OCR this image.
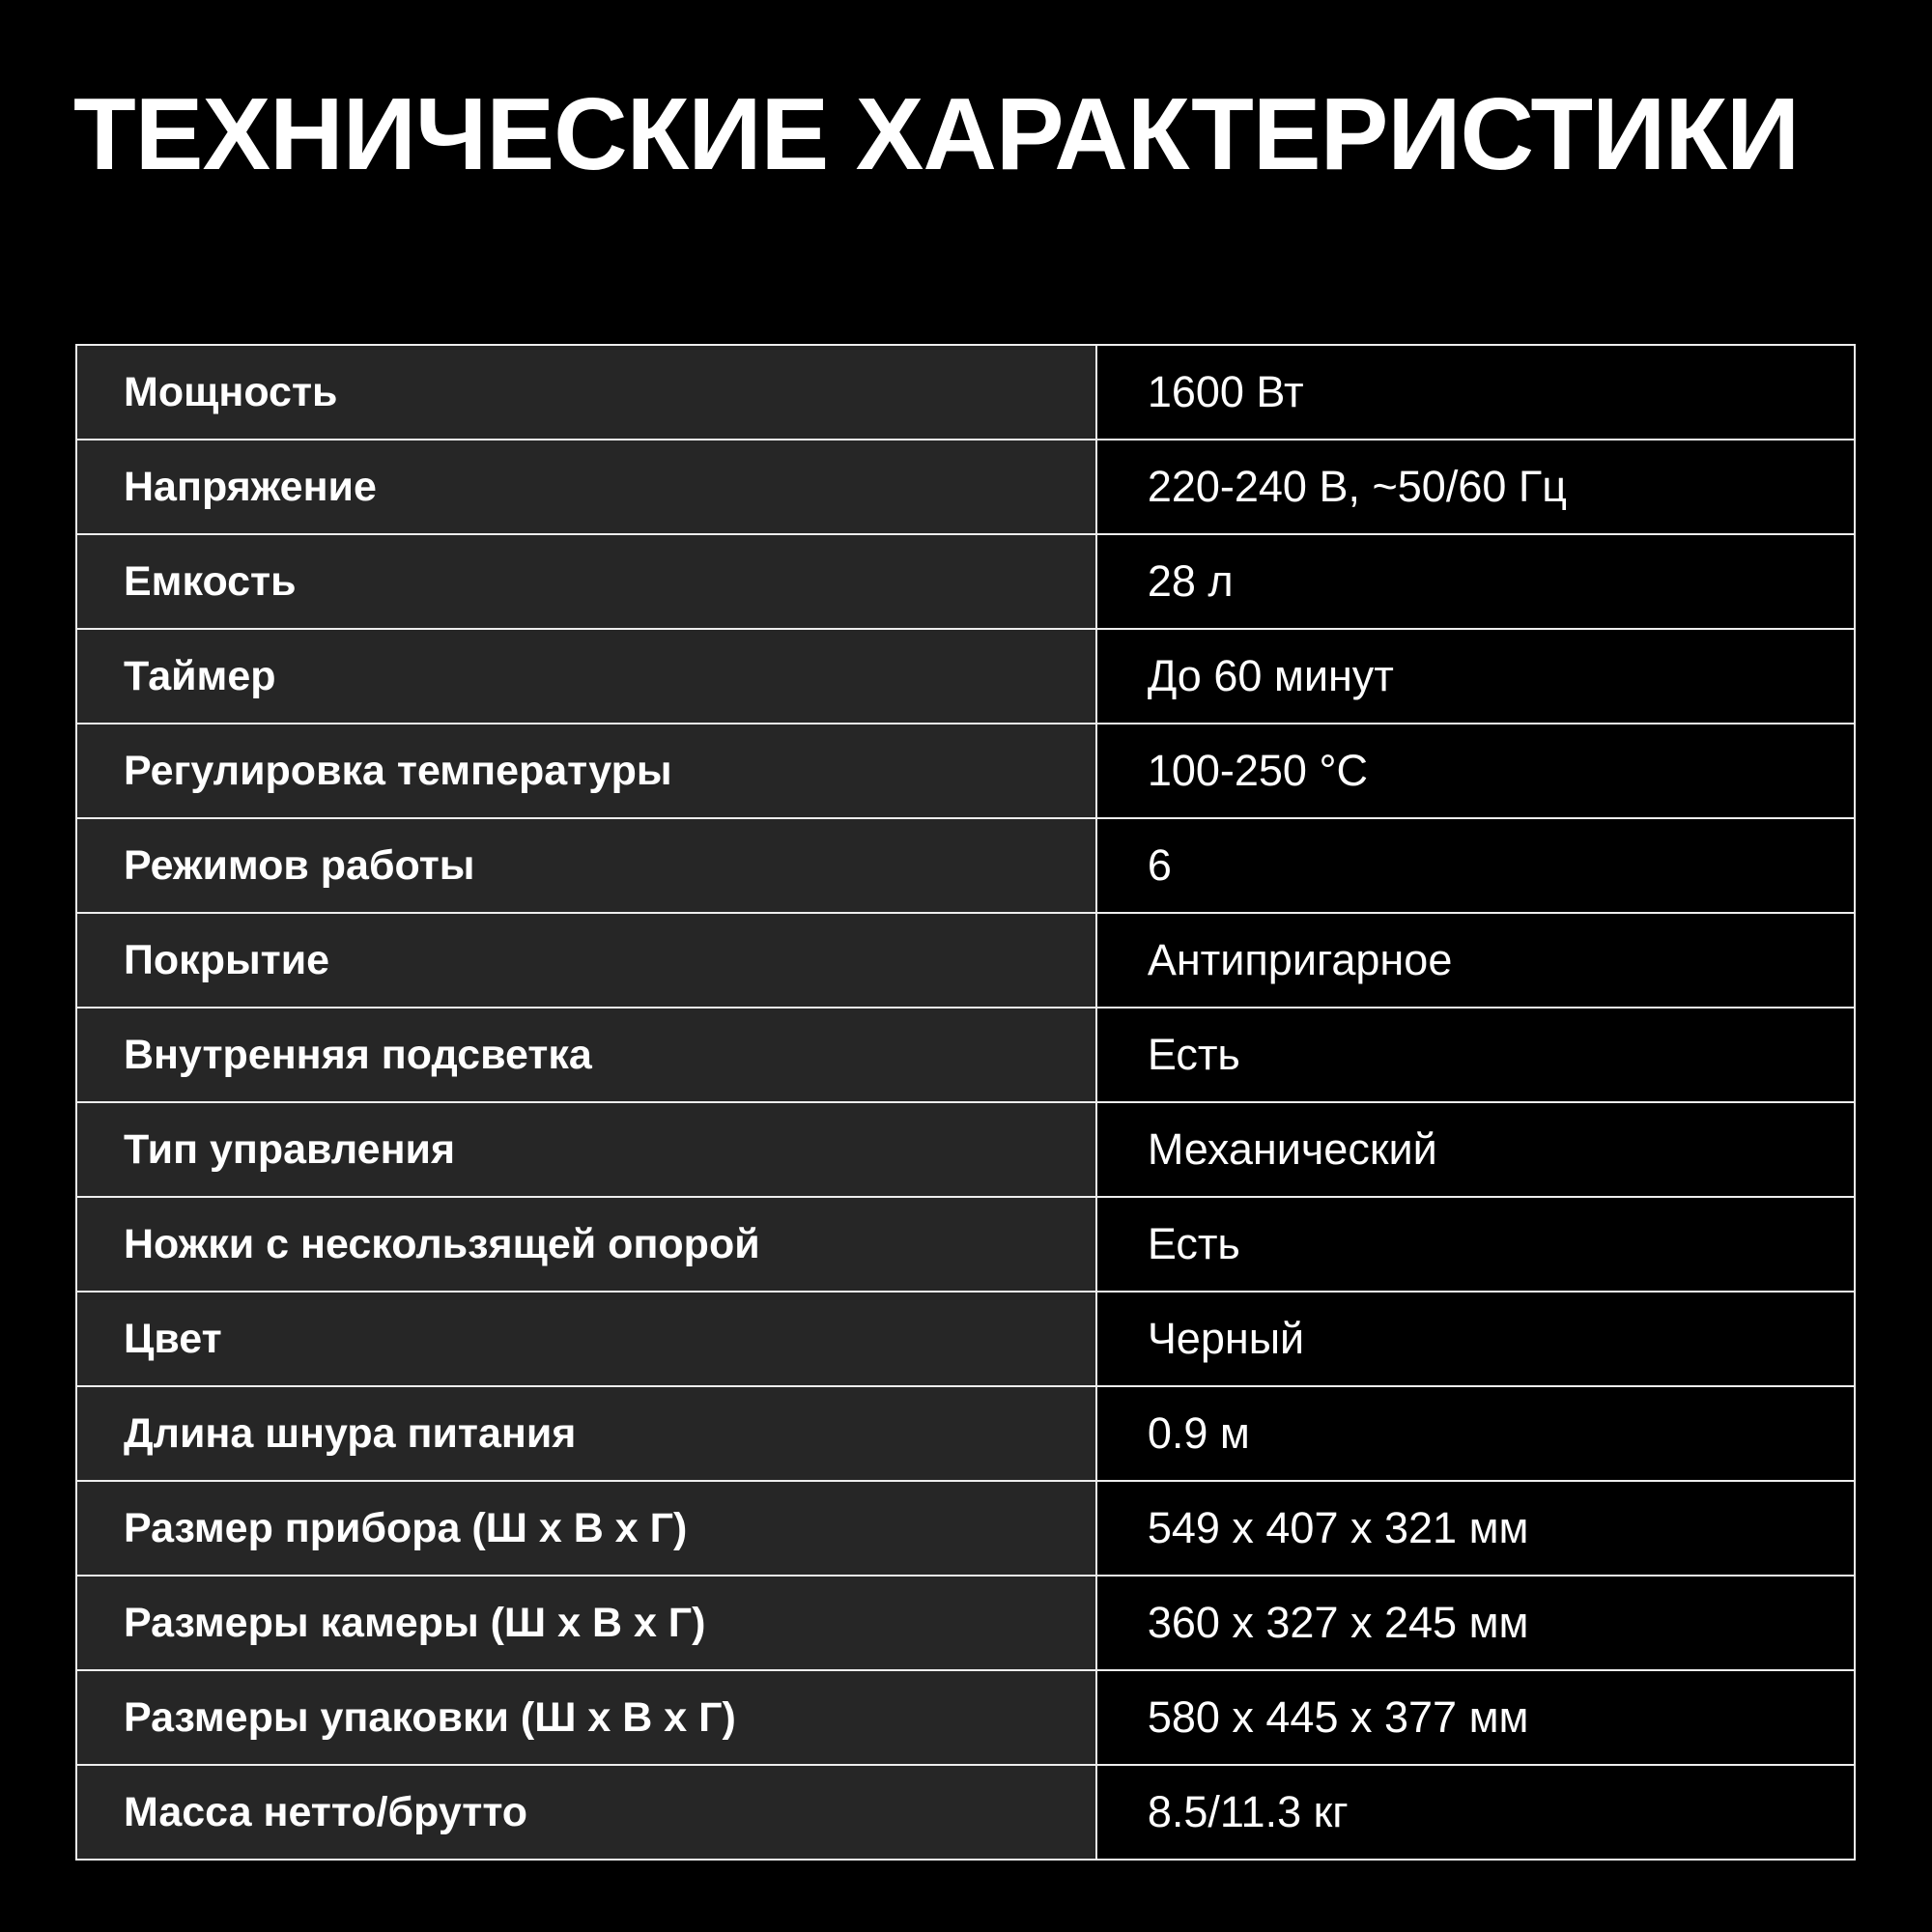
ТЕХНИЧЕСКИЕ ХАРАКТЕРИСТИКИ
Мощность	1600 Вт
Напряжение	220-240 В, ~50/60 Гц
Емкость	28 л
Таймер	До 60 минут
Регулировка температуры	100-250 °C
Режимов работы	6
Покрытие	Антипригарное
Внутренняя подсветка	Есть
Тип управления	Механический
Ножки с нескользящей опорой	Есть
Цвет	Черный
Длина шнура питания	0.9 м
Размер прибора (Ш х В х Г)	549 х 407 х 321 мм
Размеры камеры (Ш х В х Г)	360 х 327 х 245 мм
Размеры упаковки (Ш х В х Г)	580 х 445 х 377 мм
Масса нетто/брутто	8.5/11.3 кг
